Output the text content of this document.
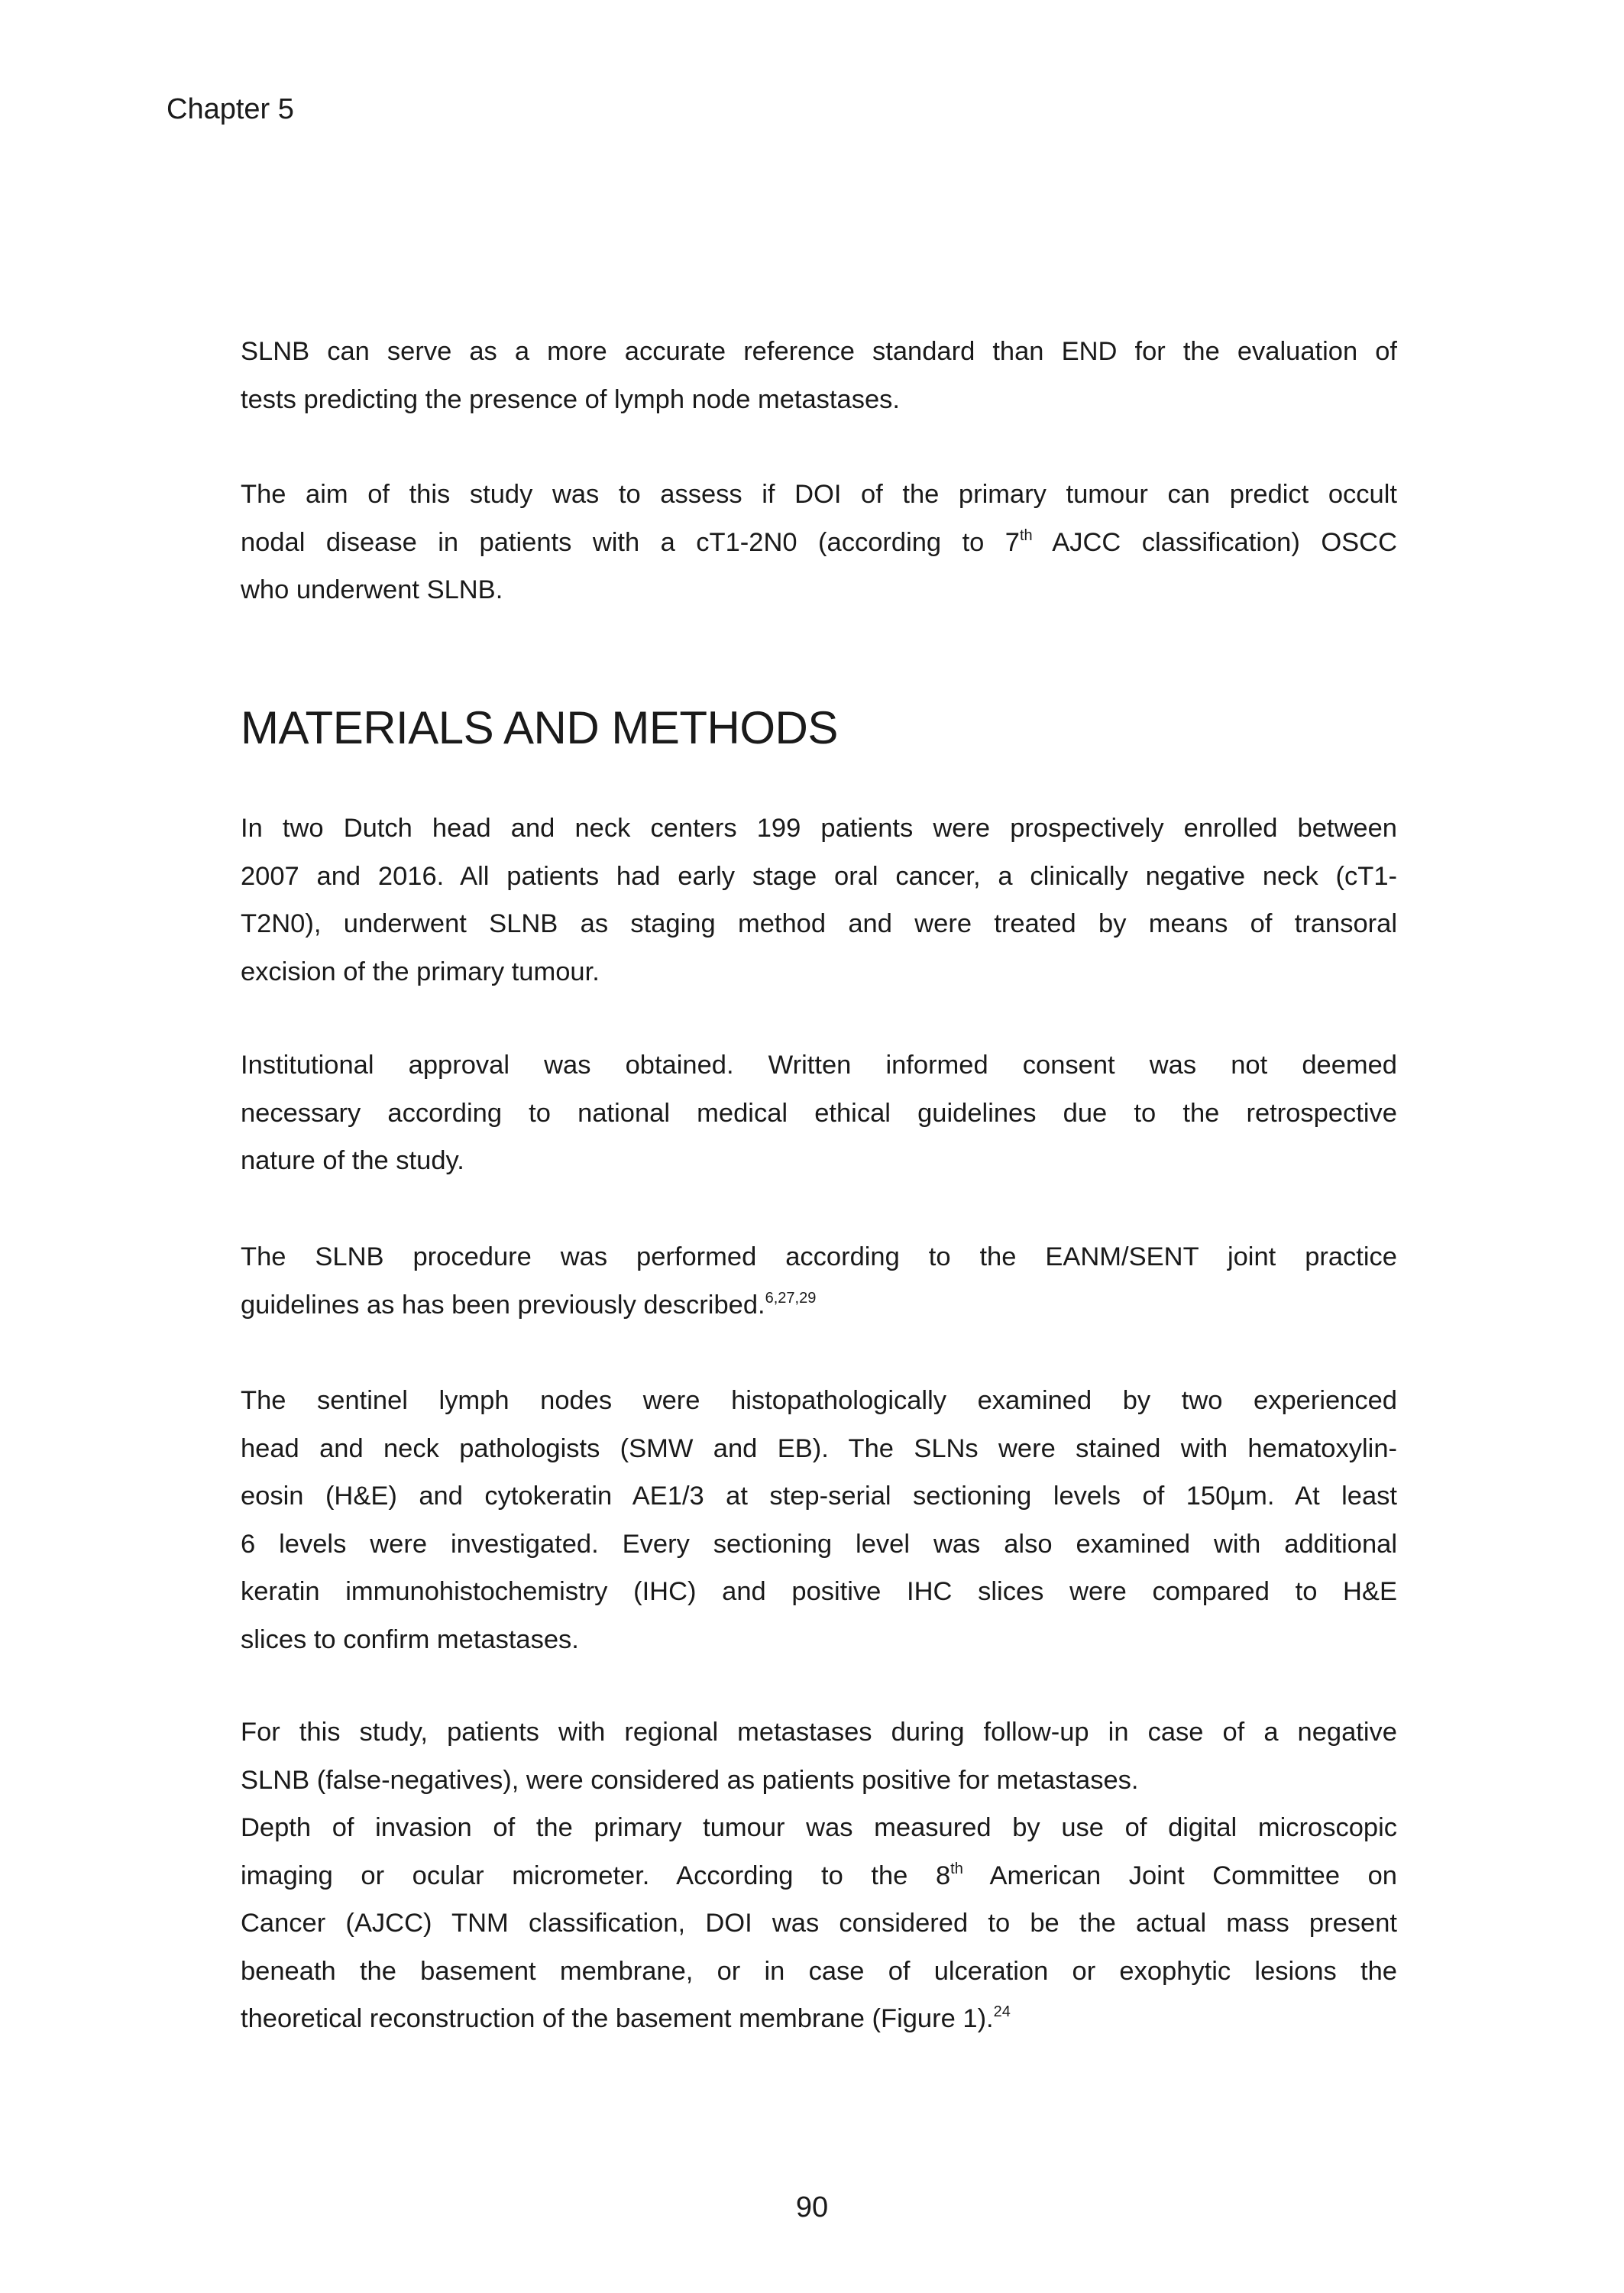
Chapter 5
SLNB can serve as a more accurate reference standard than END for the evaluation of
tests predicting the presence of lymph node metastases.
The aim of this study was to assess if DOI of the primary tumour can predict occult
nodal disease in patients with a cT1-2N0 (according to 7th AJCC classification) OSCC
who underwent SLNB.
MATERIALS AND METHODS
In two Dutch head and neck centers 199 patients were prospectively enrolled between
2007 and 2016. All patients had early stage oral cancer, a clinically negative neck (cT1-
T2N0), underwent SLNB as staging method and were treated by means of transoral
excision of the primary tumour.
Institutional approval was obtained. Written informed consent was not deemed
necessary according to national medical ethical guidelines due to the retrospective
nature of the study.
The SLNB procedure was performed according to the EANM/SENT joint practice
guidelines as has been previously described.$^{6,27,29}$
The sentinel lymph nodes were histopathologically examined by two experienced
head and neck pathologists (SMW and EB). The SLNs were stained with hematoxylin-
eosin (H&E) and cytokeratin AE1/3 at step-serial sectioning levels of 150µm. At least
6 levels were investigated. Every sectioning level was also examined with additional
keratin immunohistochemistry (IHC) and positive IHC slices were compared to H&E
slices to confirm metastases.
For this study, patients with regional metastases during follow-up in case of a negative
SLNB (false-negatives), were considered as patients positive for metastases.
Depth of invasion of the primary tumour was measured by use of digital microscopic
imaging or ocular micrometer. According to the 8th American Joint Committee on
Cancer (AJCC) TNM classification, DOI was considered to be the actual mass present
beneath the basement membrane, or in case of ulceration or exophytic lesions the
theoretical reconstruction of the basement membrane (Figure 1).$^{24}$
90
